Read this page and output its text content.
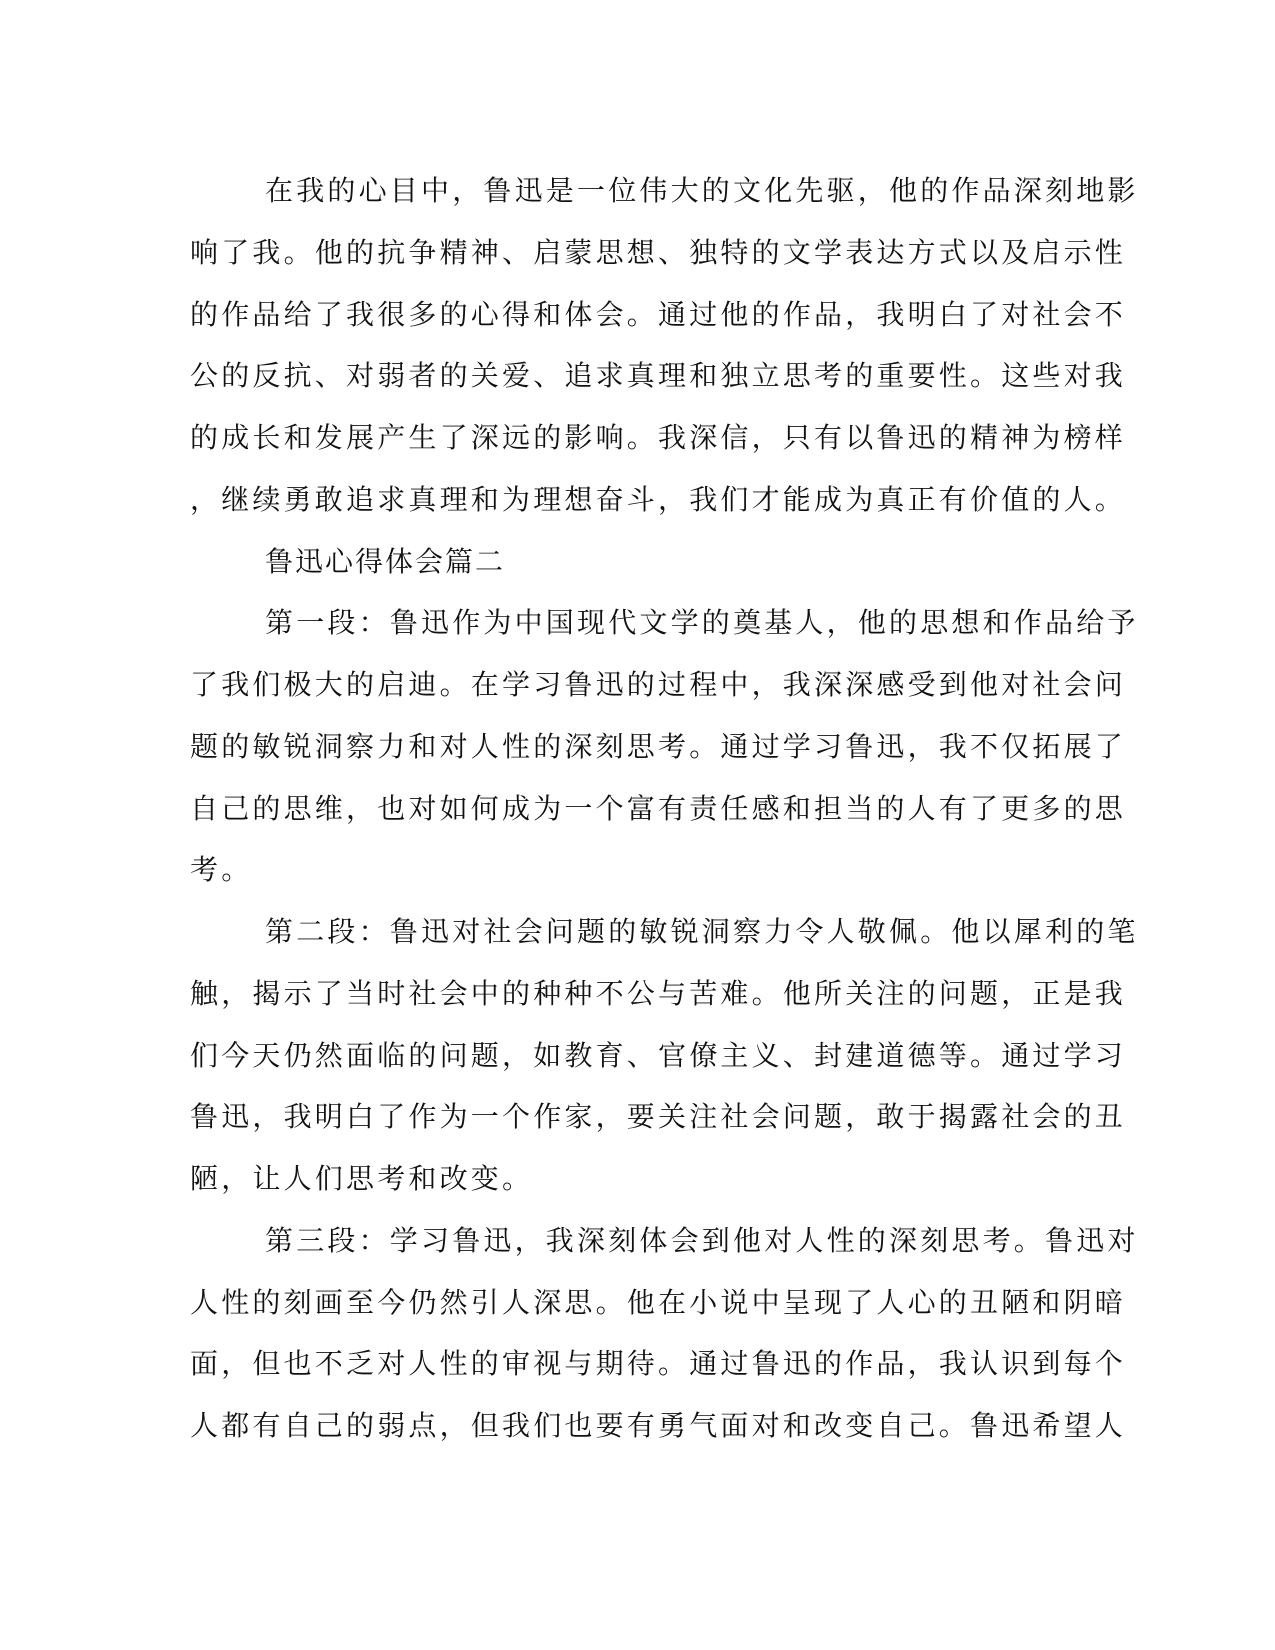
在我的心目中，鲁迅是一位伟大的文化先驱，他的作品深刻地影
响了我。他的抗争精神、启蒙思想、独特的文学表达方式以及启示性
的作品给了我很多的心得和体会。通过他的作品，我明白了对社会不
公的反抗、对弱者的关爱、追求真理和独立思考的重要性。这些对我
的成长和发展产生了深远的影响。我深信，只有以鲁迅的精神为榜样
，继续勇敢追求真理和为理想奋斗，我们才能成为真正有价值的人。
鲁迅心得体会篇二
第一段：鲁迅作为中国现代文学的奠基人，他的思想和作品给予
了我们极大的启迪。在学习鲁迅的过程中，我深深感受到他对社会问
题的敏锐洞察力和对人性的深刻思考。通过学习鲁迅，我不仅拓展了
自己的思维，也对如何成为一个富有责任感和担当的人有了更多的思
考。
第二段：鲁迅对社会问题的敏锐洞察力令人敬佩。他以犀利的笔
触，揭示了当时社会中的种种不公与苦难。他所关注的问题，正是我
们今天仍然面临的问题，如教育、官僚主义、封建道德等。通过学习
鲁迅，我明白了作为一个作家，要关注社会问题，敢于揭露社会的丑
陋，让人们思考和改变。
第三段：学习鲁迅，我深刻体会到他对人性的深刻思考。鲁迅对
人性的刻画至今仍然引人深思。他在小说中呈现了人心的丑陋和阴暗
面，但也不乏对人性的审视与期待。通过鲁迅的作品，我认识到每个
人都有自己的弱点，但我们也要有勇气面对和改变自己。鲁迅希望人
